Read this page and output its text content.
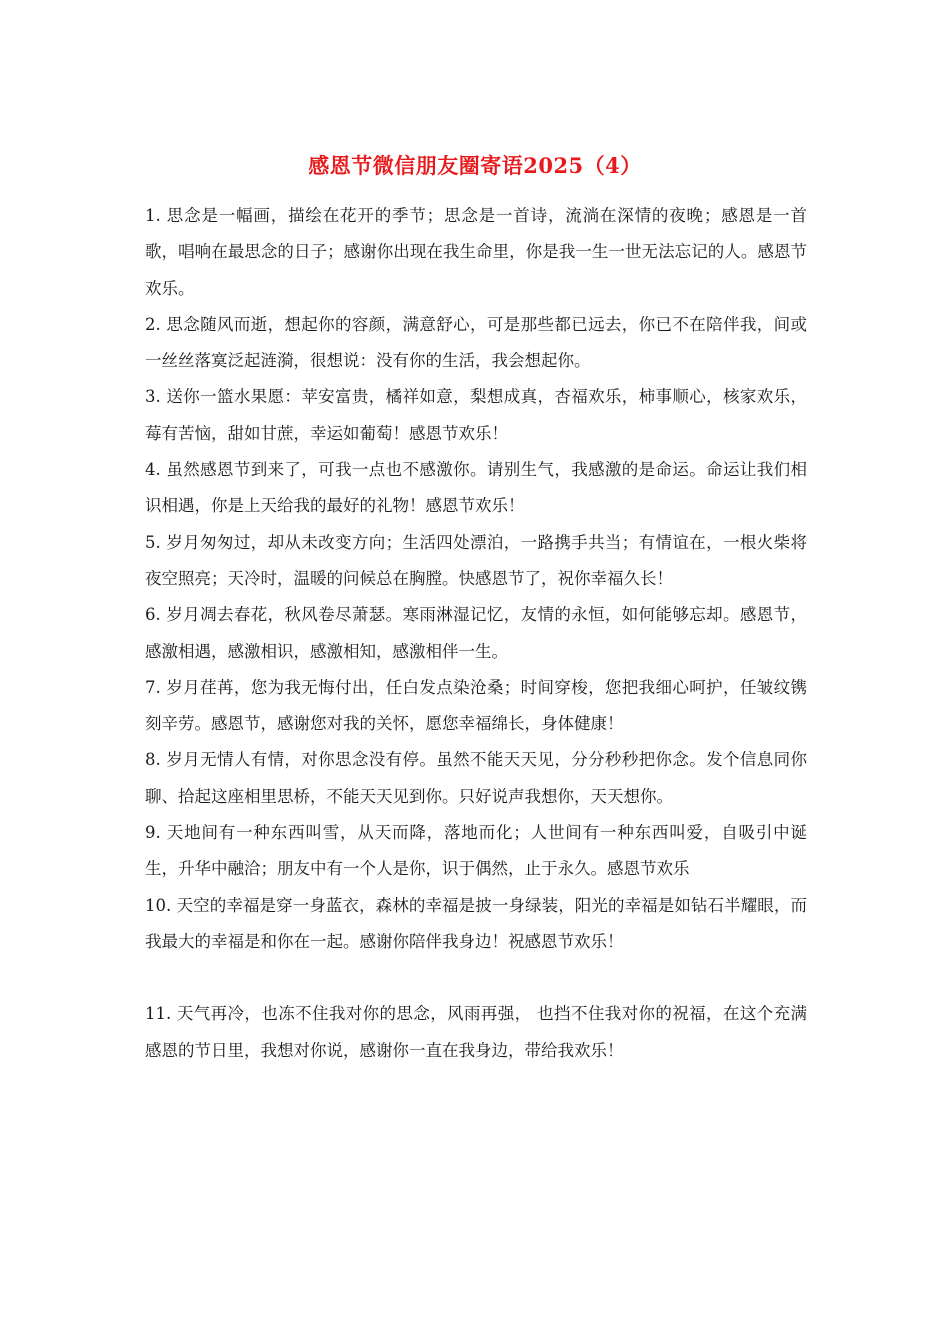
感恩节微信朋友圈寄语2025（4）

1. 思念是一幅画，描绘在花开的季节；思念是一首诗，流淌在深情的夜晚；感恩是一首歌，唱响在最思念的日子；感谢你出现在我生命里，你是我一生一世无法忘记的人。感恩节欢乐。

2. 思念随风而逝，想起你的容颜，满意舒心，可是那些都已远去，你已不在陪伴我，间或一丝丝落寞泛起涟漪，很想说：没有你的生活，我会想起你。

3. 送你一篮水果愿：苹安富贵，橘祥如意，梨想成真，杏福欢乐，柿事顺心，核家欢乐，莓有苦恼，甜如甘蔗，幸运如葡萄！感恩节欢乐！

4. 虽然感恩节到来了，可我一点也不感激你。请别生气，我感激的是命运。命运让我们相识相遇，你是上天给我的最好的礼物！感恩节欢乐！

5. 岁月匆匆过，却从未改变方向；生活四处漂泊，一路携手共当；有情谊在，一根火柴将夜空照亮；天冷时，温暖的问候总在胸膛。快感恩节了，祝你幸福久长！

6. 岁月凋去春花，秋风卷尽萧瑟。寒雨淋湿记忆，友情的永恒，如何能够忘却。感恩节，感激相遇，感激相识，感激相知，感激相伴一生。

7. 岁月荏苒，您为我无悔付出，任白发点染沧桑；时间穿梭，您把我细心呵护，任皱纹镌刻辛劳。感恩节，感谢您对我的关怀，愿您幸福绵长，身体健康！

8. 岁月无情人有情，对你思念没有停。虽然不能天天见，分分秒秒把你念。发个信息同你聊、拾起这座相里思桥，不能天天见到你。只好说声我想你，天天想你。

9. 天地间有一种东西叫雪，从天而降，落地而化；人世间有一种东西叫爱，自吸引中诞生，升华中融洽；朋友中有一个人是你，识于偶然，止于永久。感恩节欢乐

10. 天空的幸福是穿一身蓝衣，森林的幸福是披一身绿装，阳光的幸福是如钻石半耀眼，而我最大的幸福是和你在一起。感谢你陪伴我身边！祝感恩节欢乐！

11. 天气再冷，也冻不住我对你的思念，风雨再强， 也挡不住我对你的祝福，在这个充满感恩的节日里，我想对你说，感谢你一直在我身边，带给我欢乐！
